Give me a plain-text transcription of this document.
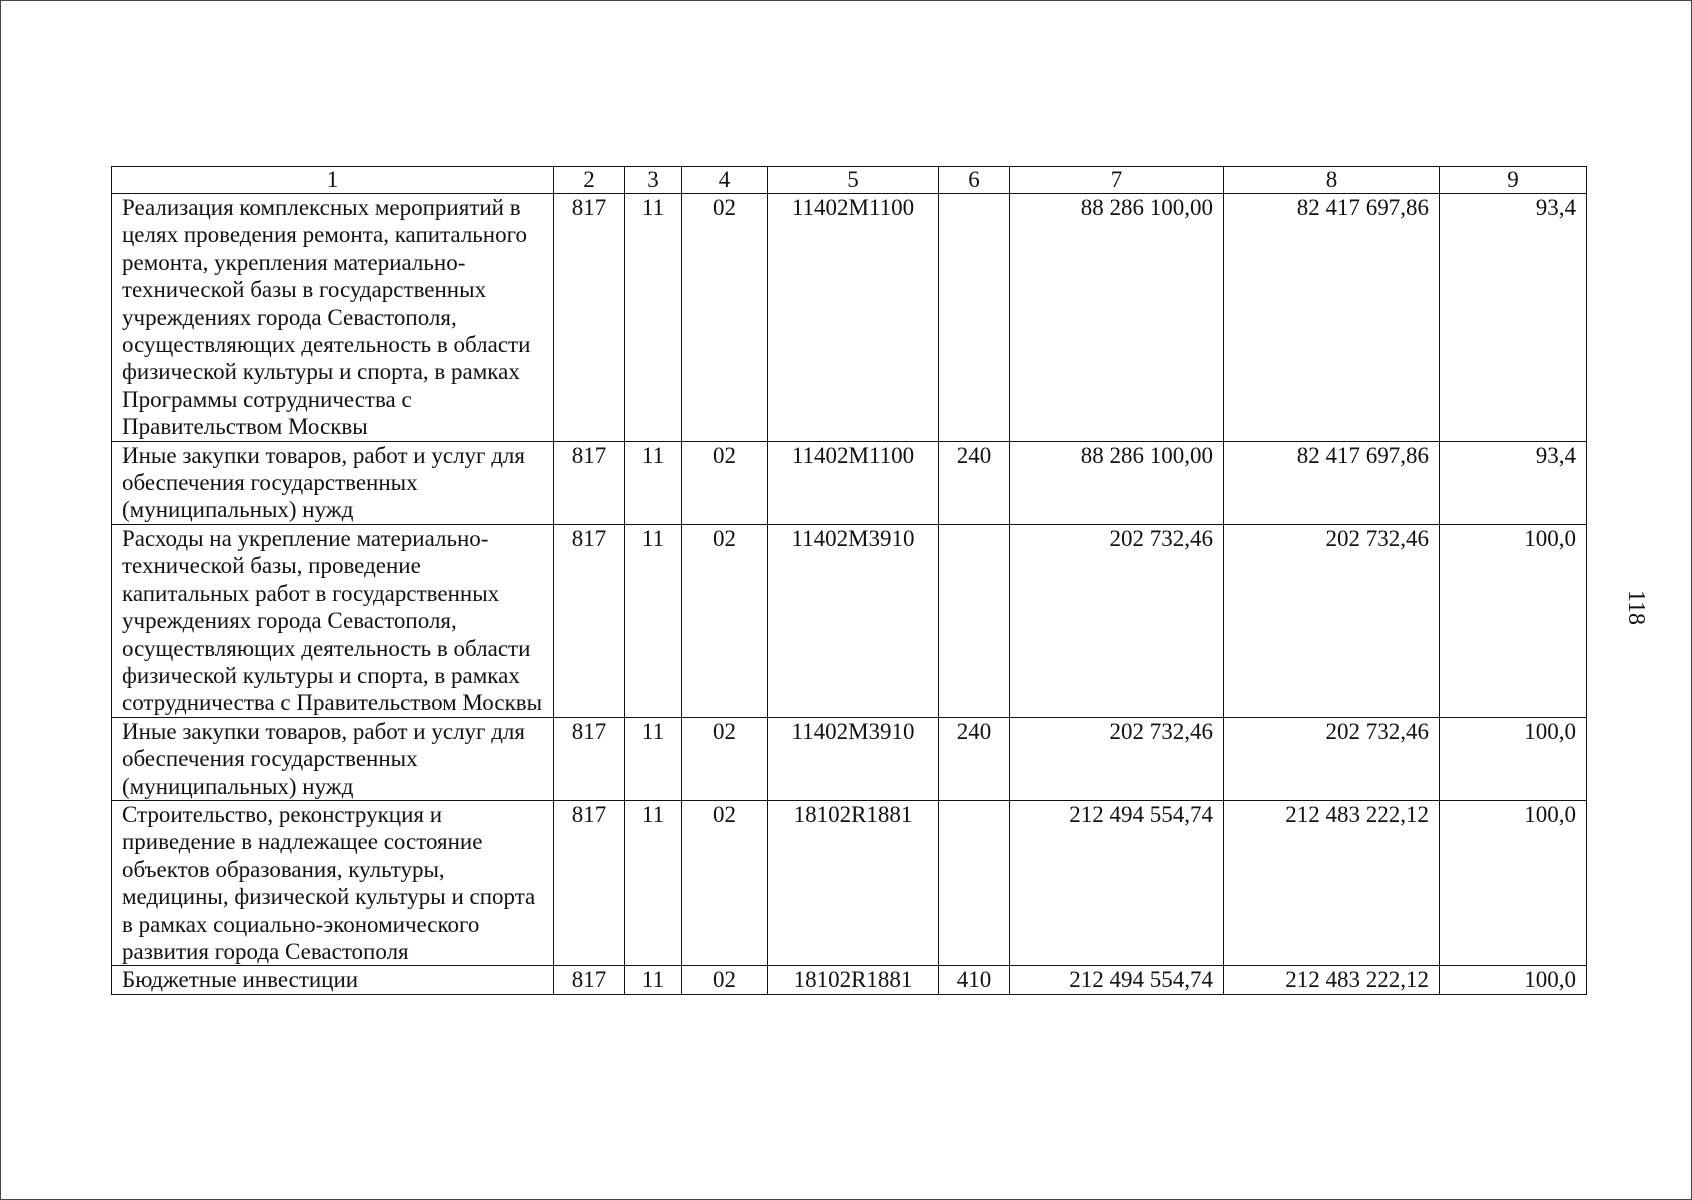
1	2	3	4	5	6	7	8	9
Реализация комплексных мероприятий в целях проведения ремонта, капитального ремонта, укрепления материально-технической базы в государственных учреждениях города Севастополя, осуществляющих деятельность в области физической культуры и спорта, в рамках Программы сотрудничества с Правительством Москвы	817	11	02	11402М1100		88 286 100,00	82 417 697,86	93,4
Иные закупки товаров, работ и услуг для обеспечения государственных (муниципальных) нужд	817	11	02	11402М1100	240	88 286 100,00	82 417 697,86	93,4
Расходы на укрепление материально-технической базы, проведение капитальных работ в государственных учреждениях города Севастополя, осуществляющих деятельность в области физической культуры и спорта, в рамках сотрудничества с Правительством Москвы	817	11	02	11402М3910		202 732,46	202 732,46	100,0
Иные закупки товаров, работ и услуг для обеспечения государственных (муниципальных) нужд	817	11	02	11402М3910	240	202 732,46	202 732,46	100,0
Строительство, реконструкция и приведение в надлежащее состояние объектов образования, культуры, медицины, физической культуры и спорта в рамках социально-экономического развития города Севастополя	817	11	02	18102R1881		212 494 554,74	212 483 222,12	100,0
Бюджетные инвестиции	817	11	02	18102R1881	410	212 494 554,74	212 483 222,12	100,0
118
